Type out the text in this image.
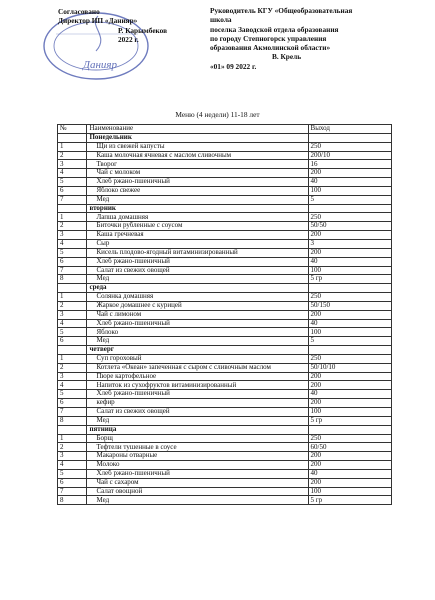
Данияр
Согласовано
Директор ИП «Данияр»
Р. Карымбеков
2022 г.
Руководитель КГУ «Общеобразовательная
школа
поселка Заводской отдела образования
по городу Степногорск управления
образования Акмолинской области»
В. Крель
«01» 09 2022 г.
Меню (4 недели) 11-18 лет
№	Наименование	Выход
	Понедельник	
1	Щи из свежей капусты	250
2	Каша молочная ячневая с маслом сливочным	200/10
3	Творог	16
4	Чай с молоком	200
5	Хлеб ржано-пшеничный	40
6	Яблоко свежее	100
7	Мед	5
	вторник	
1	Лапша домашняя	250
2	Биточки рубленные с соусом	50/50
3	Каша гречневая	200
4	Сыр	3
5	Кисель плодово-ягодный витаминизированный	200
6	Хлеб ржано-пшеничный	40
7	Салат из свежих овощей	100
8	Мед	5 гр
	среда	
1	Солянка домашняя	250
2	Жаркое домашнее с курицей	50/150
3	Чай с лимоном	200
4	Хлеб ржано-пшеничный	40
5	Яблоко	100
6	Мед	5
	четверг	
1	Суп гороховый	250
2	Котлета «Океан» запеченная с сыром с сливочным маслом	50/10/10
3	Пюре картофельное	200
4	Напиток из сухофруктов витаминизированный	200
5	Хлеб ржано-пшеничный	40
6	кефир	200
7	Салат из свежих овощей	100
8	Мед	5 гр
	пятница	
1	Борщ	250
2	Тефтели тушенные в соусе	60/50
3	Макароны отварные	200
4	Молоко	200
5	Хлеб ржано-пшеничный	40
6	Чай с сахаром	200
7	Салат овощной	100
8	Мед	5 гр
